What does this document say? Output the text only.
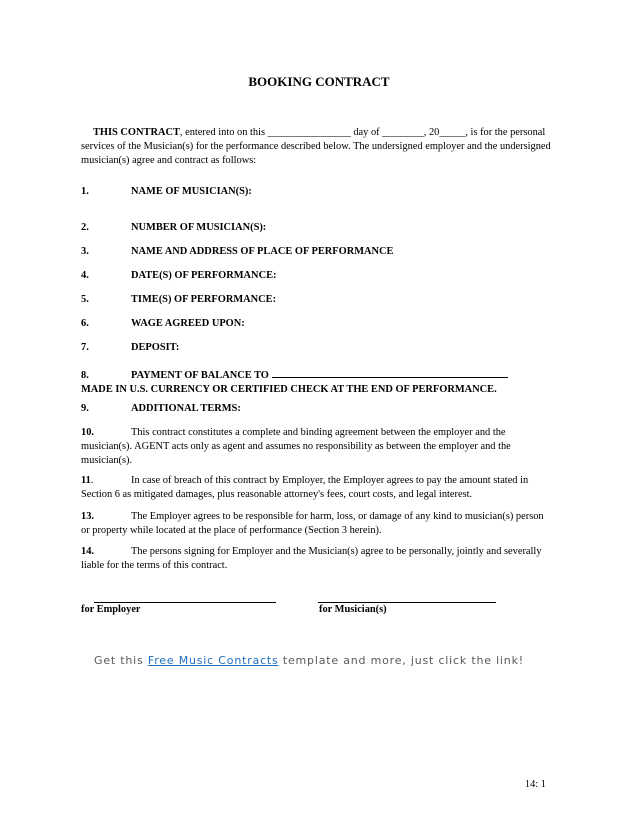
BOOKING CONTRACT
THIS CONTRACT, entered into on this ________________ day of ________, 20_____, is for the personal services of the Musician(s) for the performance described below. The undersigned employer and the undersigned musician(s) agree and contract as follows:
1.	NAME OF MUSICIAN(S):
2.	NUMBER OF MUSICIAN(S):
3.	NAME AND ADDRESS OF PLACE OF PERFORMANCE
4.	DATE(S) OF PERFORMANCE:
5.	TIME(S) OF PERFORMANCE:
6.	WAGE AGREED UPON:
7.	DEPOSIT:
8.	PAYMENT OF BALANCE TO
MADE IN U.S. CURRENCY OR CERTIFIED CHECK AT THE END OF PERFORMANCE.
9.	ADDITIONAL TERMS:
10.	This contract constitutes a complete and binding agreement between the employer and the musician(s). AGENT acts only as agent and assumes no responsibility as between the employer and the musician(s).
11.	In case of breach of this contract by Employer, the Employer agrees to pay the amount stated in Section 6 as mitigated damages, plus reasonable attorney's fees, court costs, and legal interest.
13.	The Employer agrees to be responsible for harm, loss, or damage of any kind to musician(s) person or property while located at the place of performance (Section 3 herein).
14.	The persons signing for Employer and the Musician(s) agree to be personally, jointly and severally liable for the terms of this contract.
for Employer	for Musician(s)
Get this Free Music Contracts template and more, just click the link!
14: 1
